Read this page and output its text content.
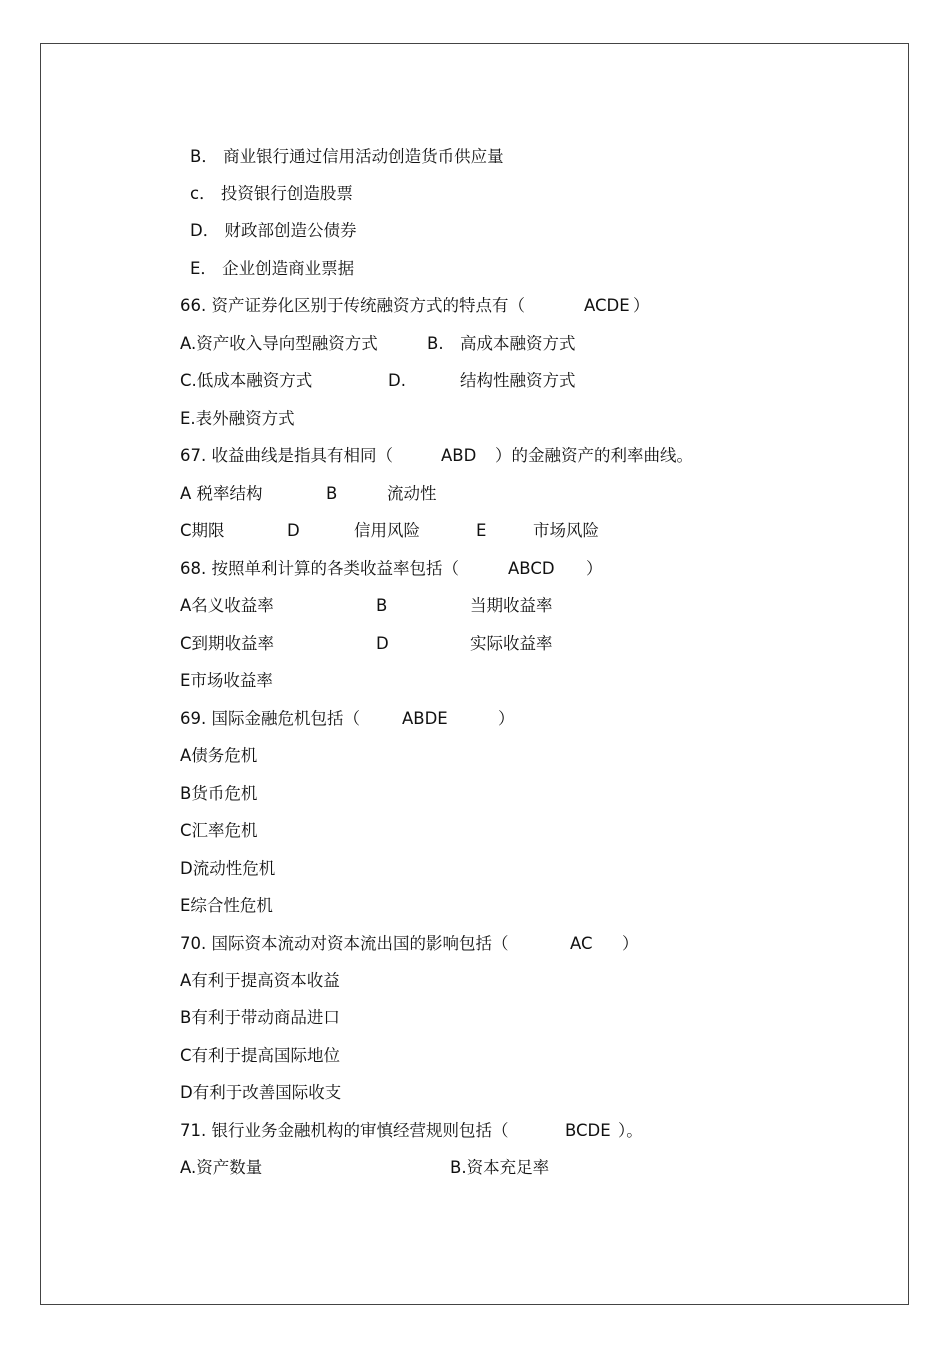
B． 商业银行通过信用活动创造货币供应量
c． 投资银行创造股票
D． 财政部创造公债券
E． 企业创造商业票据
66. 资产证券化区别于传统融资方式的特点有（	ACDE ）
A.资产收入导向型融资方式	B. 高成本融资方式
C.低成本融资方式	D.	结构性融资方式
E.表外融资方式
67. 收益曲线是指具有相同（	ABD ）的金融资产的利率曲线。
A 税率结构	B	流动性
C期限	D	信用风险	E	市场风险
68. 按照单利计算的各类收益率包括（	ABCD ）
A名义收益率	B	当期收益率
C到期收益率	D	实际收益率
E市场收益率
69. 国际金融危机包括（	ABDE	）
A债务危机
B货币危机
C汇率危机
D流动性危机
E综合性危机
70. 国际资本流动对资本流出国的影响包括（	AC ）
A有利于提高资本收益
B有利于带动商品进口
C有利于提高国际地位
D有利于改善国际收支
71. 银行业务金融机构的审慎经营规则包括（	BCDE ）。
A.资产数量	B.资本充足率
